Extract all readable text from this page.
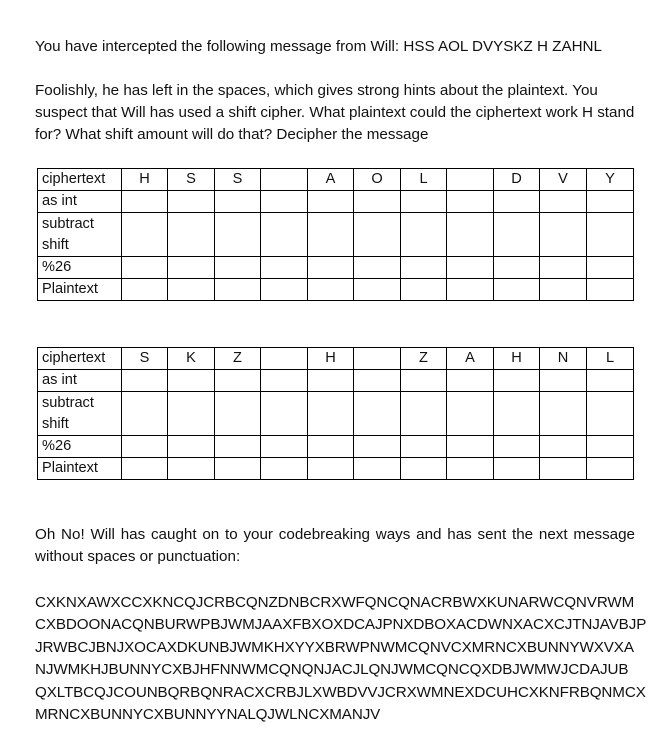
You have intercepted the following message from Will: HSS AOL DVYSKZ H ZAHNL

Foolishly, he has left in the spaces, which gives strong hints about the plaintext. You suspect that Will has used a shift cipher. What plaintext could the ciphertext work H stand for? What shift amount will do that? Decipher the message

ciphertext	H	S	S		A	O	L		D	V	Y
as int											

subtract
shift											

%26											
Plaintext											
ciphertext	S	K	Z		H		Z	A	H	N	L
as int											

subtract
shift											

%26											
Plaintext											

Oh No! Will has caught on to your codebreaking ways and has sent the next message without spaces or punctuation:

CXKNXAWXCCXKNCQJCRBCQNZDNBCRXWFQNCQNACRBWXKUNARWCQNVRWM
CXBDOONACQNBURWPBJWMJAAXFBXOXDCAJPNXDBOXACDWNXACXCJTNJAVBJP
JRWBCJBNJXOCAXDKUNBJWMKHXYYXBRWPNWMCQNVCXMRNCXBUNNYWXVXA
NJWMKHJBUNNYCXBJHFNNWMCQNQNJACJLQNJWMCQNCQXDBJWMWJCDAJUB
QXLTBCQJCOUNBQRBQNRACXCRBJLXWBDVVJCRXWMNEXDCUHCXKNFRBQNMCX
MRNCXBUNNYCXBUNNYYNALQJWLNCXMANJV
